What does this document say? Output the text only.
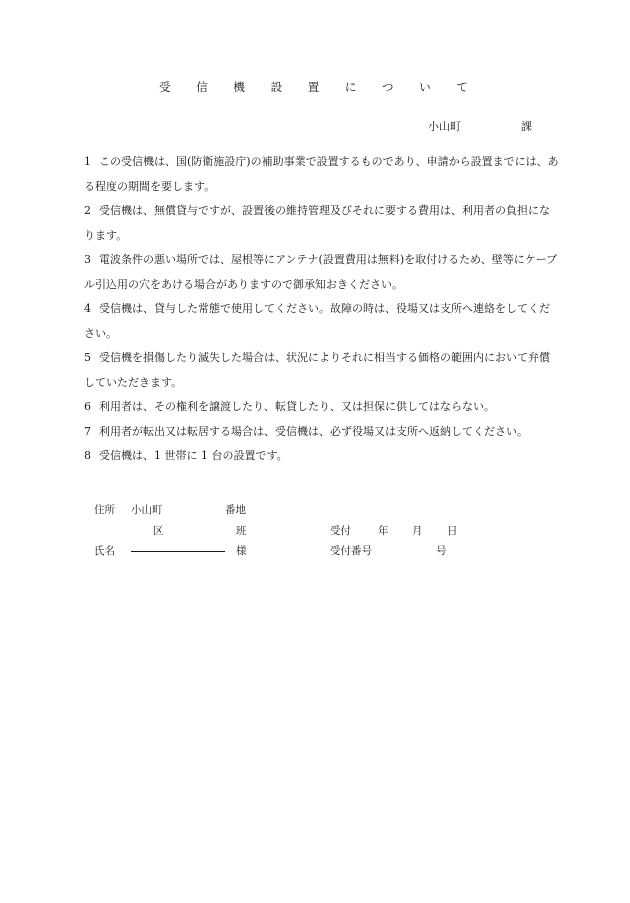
受 信 機 設 置 に つ い て
小山町	課
1 この受信機は、国(防衛施設庁)の補助事業で設置するものであり、申請から設置までには、ある程度の期間を要します。
2 受信機は、無償貸与ですが、設置後の維持管理及びそれに要する費用は、利用者の負担になります。
3 電波条件の悪い場所では、屋根等にアンテナ(設置費用は無料)を取付けるため、壁等にケーブル引込用の穴をあける場合がありますので御承知おきください。
4 受信機は、貸与した常態で使用してください。故障の時は、役場又は支所へ連絡をしてください。
5 受信機を損傷したり滅失した場合は、状況によりそれに相当する価格の範囲内において弁償していただきます。
6 利用者は、その権利を譲渡したり、転貸したり、又は担保に供してはならない。
7 利用者が転出又は転居する場合は、受信機は、必ず役場又は支所へ返納してください。
8 受信機は、1 世帯に 1 台の設置です。
住所 小山町	番地
区	班	受付	年 月 日
氏名	様	受付番号	号
